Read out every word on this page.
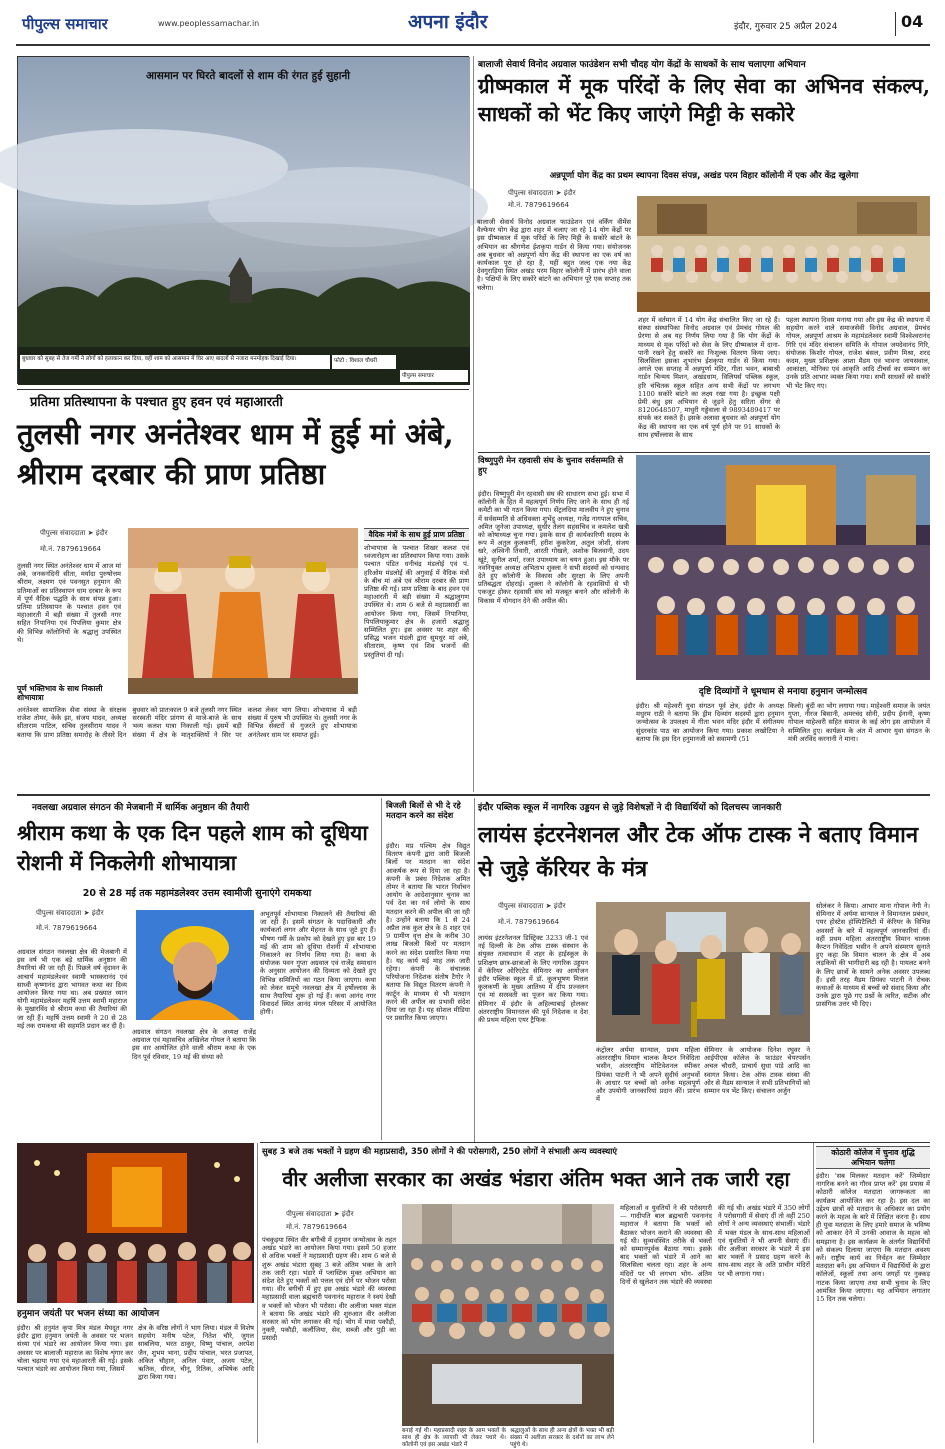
पीपुल्स समाचार	www.peoplessamachar.in	अपना इंदौर	इंदौर, गुरुवार 25 अप्रैल 2024	04
आसमान पर घिरते बादलों से शाम की रंगत हुई सुहानी
बुधवार को सुबह से तेज गर्मी ने लोगों को हलाकान कर दिया, वहीं शाम को आसमान में घिर आए बादलों से नजारा मनमोहक दिखाई दिया।	फोटो : विशाल चौधरी
पीपुल्स समाचार
बालाजी सेवार्थ विनोद अग्रवाल फाउंडेशन सभी चौदह योग केंद्रों के साधकों के साथ चलाएगा अभियान
ग्रीष्मकाल में मूक परिंदों के लिए सेवा का अभिनव संकल्प, साधकों को भेंट किए जाएंगे मिट्टी के सकोरे
अन्नपूर्णा योग केंद्र का प्रथम स्थापना दिवस संपन्न, अखंड परम विहार कॉलोनी में एक और केंद्र खुलेगा
पीपुल्स संवाददाता ➤ इंदौर
मो.नं. 7879619664
बालाजी सेवार्थ विनोद अग्रवाल फाउंडेशन एवं वर्किंग वीमेंस वैल्फेयर योग केंद्र द्वारा शहर में चलाए जा रहे 14 योग केंद्रों पर इस ग्रीष्मकाल में मूक परिंदों के लिए मिट्टी के सकोरे बांटने के अभियान का श्रीगणेश ईशकृपा गार्डन से किया गया। संयोजनक अब बुधवार को अन्नपूर्णा योग केंद्र की स्थापना का एक वर्ष का कार्यकाल पूरा हो रहा है, यहीं बहुत जल्द एक नया केंद्र देवगुराड़िया स्थित अखंड परम विहार कॉलोनी में प्रारंभ होने वाला है। पक्षियों के लिए सकोरे बांटने का अभियान पूरे एक सप्ताह तक चलेगा।
शहर में वर्तमान में 14 योग केंद्र संचालित किए जा रहे हैं। संस्था संस्थापिका विनोद अग्रवाल एवं प्रेमचंद गोयल की प्रेरणा से अब यह निर्णय लिया गया है कि योग केंद्रों के माध्यम से मूक परिंदों को सेवा के लिए ग्रीष्मकाल में दाना-पानी रखने हेतु सकोरे का निःशुल्क वितरण किया जाए। सिलसिला इसका शुभारंभ ईशकृपा गार्डन से किया गया। अगले एक सप्ताह में अन्नपूर्णा मंदिर, गीता भवन, बाबाश्री गार्डन चिन्मय मिशन, अखंडधाम, विलियर्स पब्लिक स्कूल, हरि चंचितक स्कूल सहित अन्य सभी केंद्रों पर लगभग 1100 सकोरे बांटने का लक्ष्य रखा गया है। इच्छुक पक्षी प्रेमी बंधु इस अभियान से जुड़ने हेतु सरिता सेंगर से 8120648507, माधुरी गड्डेवाला से 9893489417 पर संपर्क कर सकते हैं। इसके अलावा बुधवार को अन्नपूर्णा योग केंद्र की स्थापना का एक वर्ष पूर्ण होने पर 91 साधकों के साथ हर्षोल्लास के साथ
पहला स्थापना दिवस मनाया गया और इस केंद्र की स्थापना में सहयोग करने वाले समाजसेवी विनोद अग्रवाल, प्रेमचंद गोयल, अन्नपूर्णा आश्रम के महामंडलेश्वर स्वामी विश्वेश्वरानंद गिरि एवं मंदिर संचालन समिति के गोपाल जयदेवानंद गिरि, संयोजक किशोर गोयल, राजेश बंसल, प्रवीण मिश्रा, शरद कदम, मुख्य प्रशिक्षक आशा मैडम एवं भावना जायसवाल, आकांक्षा, मोनिका एवं आकृति आदि टीचर्स का सम्मान कर उनके प्रति आभार व्यक्त किया गया। सभी साधकों को सकोरे भी भेंट किए गए।
प्रतिमा प्रतिस्थापना के पश्चात हुए हवन एवं महाआरती
तुलसी नगर अनंतेश्वर धाम में हुई मां अंबे, श्रीराम दरबार की प्राण प्रतिष्ठा
पीपुल्स संवाददाता ➤ इंदौर
मो.नं. 7879619664
तुलसी नगर स्थित अनंतेश्वर धाम में आज मां अंबे, जनकनंदिनी सीता, मर्यादा पुरुषोत्तम श्रीराम, लक्ष्मण एवं पवनसुत हनुमान की प्रतिमाओं का प्रतिस्थापन धाम दरबार के रूप में पूर्ण वैदिक पद्धति के साथ संपन्न हुआ। प्रतिमा प्रतिस्थापन के पश्चात हवन एवं महाआरती में बड़ी संख्या में तुलसी नगर सहित निपानिया एवं पिपलिया कुमार क्षेत्र की विभिन्न कॉलोनियों के श्रद्धालु उपस्थित थे।
पूर्ण भक्तिभाव के साथ निकाली शोभायात्रा
अनंतेश्वर सामाजिक सेवा संस्था के संरक्षक राजेश तोमर, केके झा, संजय यादव, अध्यक्ष सीताराम पाटिल, सचिव तुलसीराम यादव ने बताया कि प्राण प्रतिष्ठा समारोह के तीसरे दिन बुधवार को प्रातःकाल 9 बजे तुलसी नगर स्थित सरस्वती मंदिर प्रांगण से माजे-बाजे के साथ भव्य कलश यात्रा निकाली गई। इसमें बड़ी संख्या में क्षेत्र के मातृशक्तियों ने सिर पर कलश लेकर भाग लिया। शोभायात्रा में बड़ी संख्या में पुरुष भी उपस्थित थे। तुलसी नगर के विभिन्न सेक्टरों से गुजरते हुए शोभायात्रा अनंतेश्वर धाम पर समाप्त हुई।
वैदिक मंत्रों के साथ हुई प्राण प्रतिष्ठा
शोभायात्रा के पश्चात शिखर कलश एवं ध्वजारोहण का प्रतिस्थापन किया गया। उसके पश्चात पंडित धनीचंद्र मंडलोई एवं पं. हरिओम मंडलोई की अगुवाई में वैदिक मंत्रों के बीच मां अंबे एवं श्रीराम दरबार की प्राण प्रतिष्ठा की गई। प्राण प्रतिष्ठा के बाद हवन एवं महाआरती में बड़ी संख्या में श्रद्धालुगण उपस्थित थे। शाम 6 बजे से महाप्रसादी का आयोजन किया गया, जिसमें निपानिया, पिपलियाकुमार क्षेत्र के हजारों श्रद्धालु सम्मिलित हुए। इस अवसर पर शहर की प्रसिद्ध भजन मंडली द्वारा सुमधुर मां अंबे, सीताराम, कृष्ण एवं शिव भजनों की प्रस्तुतियां दी गईं।
विष्णुपुरी मेन रहवासी संघ के चुनाव सर्वसम्मति से हुए
इंदौर। विष्णुपुरी मेन रहवासी संघ की साधारण सभा हुई। सभा में कॉलोनी के हित में महत्वपूर्ण निर्णय लिए जाने के साथ ही नई कमेटी का भी गठन किया गया। सेंट्रलदिया मालवीय ने हुए चुनाव में सर्वसम्मति से अधिवक्ता शुभेंदु अध्यक्ष, गजेंद्र नागपाल सचिव, अमित जुनेजा उपाध्यक्ष, सुधीर तेलंग सहसचिव व कमलेश खत्री को कोषाध्यक्ष चुना गया। इसके साथ ही कार्यकारिणी सदस्य के रूप में अतुल कुलकर्णी, हरीश कुकरेजा, अतुल जोशी, संजय खरे, अश्विनी तिवारी, आरती गोखले, अशोक बिजवानी, उदय खूंटे, सुनील शर्मा, रजत उपाध्याय का चयन हुआ। इस मौके पर नवनियुक्त अध्यक्ष अभिताभ शुक्ला ने सभी सदस्यों को धन्यवाद देते हुए कॉलोनी के विकास और सुरक्षा के लिए अपनी प्रतिबद्धता दोहराई। शुक्ला ने कॉलोनी के रहवासियों से भी एकजुट होकर रहवासी संघ को मजबूत बनाने और कॉलोनी के विकास में योगदान देने की अपील की।
दृष्टि दिव्यांगों ने धूमधाम से मनाया हनुमान जन्मोत्सव
इंदौर। श्री महेश्वरी युवा संगठन पूर्व क्षेत्र, इंदौर के अध्यक्ष मधुरम राठी ने बताया कि ड्रीम दिव्यांग सदस्यों द्वारा हनुमान जन्मोत्सव के उपलक्ष्य में गीता भवन मंदिर इंदौर में संगीतमय सुंदरकांड पाठ का आयोजन किया गया। प्रकाश लखोटिया ने बताया कि इस दिन हनुमानजी को सवामणी (51
किलो) बुंदी का भोग लगाया गया। माहेश्वरी समाज के जयंत गुप्ता, नीरज बिसानी, अमरचंद सोनी, प्रदीप ईनानी, कृष्ण गोपाल माहेश्वरी सहित समाज के कई लोग इस आयोजन में सम्मिलित हुए। कार्यक्रम के अंत में आभार युवा संगठन के मंत्री अरविंद करनानी ने माना।
नवलखा अग्रवाल संगठन की मेजबानी में धार्मिक अनुष्ठान की तैयारी
श्रीराम कथा के एक दिन पहले शाम को दूधिया रोशनी में निकलेगी शोभायात्रा
20 से 28 मई तक महामंडलेश्वर उत्तम स्वामीजी सुनाएंगे रामकथा
पीपुल्स संवाददाता ➤ इंदौर
मो.नं. 7879619664
अग्रवाल संगठन नवलखा क्षेत्र की मेजबानी में इस वर्ष भी एक बड़े धार्मिक अनुष्ठान की तैयारियां की जा रही हैं। पिछले वर्ष वृंदावन के आचार्य महामंडलेश्वर स्वामी भास्करानंद एवं साध्वी कृष्णानंद द्वारा भागवत कथा का दिव्य आयोजन किया गया था। अब प्रख्यात ध्यान योगी महामंडलेश्वर महर्षि उत्तम स्वामी महाराज के मुखारविंद से श्रीराम कथा की तैयारियां की जा रही हैं। महर्षि उत्तम स्वामी ने 20 से 28 मई तक रामकथा की सहमति प्रदान कर दी है।
अग्रवाल संगठन नवलखा क्षेत्र के अध्यक्ष राजेंद्र अग्रवाल एवं महासचिव अखिलेश गोयल ने बताया कि इस वार आयोजित होने वाली श्रीराम कथा के एक दिन पूर्व रविवार, 19 मई की संध्या को
अभूतपूर्व शोभायात्रा निकालने की तैयारियां की जा रही हैं। इसमें संगठन के पदाधिकारी और कार्यकर्ता लगन और मेहनत के साथ जुटे हुए हैं। भीषण गर्मी के प्रकोप को देखते हुए इस बार 19 मई की शाम को दूधिया रोशनी में शोभायात्रा निकालने का निर्णय लिया गया है। कथा के संयोजक पवन गुप्ता अग्रवाल एवं राजेंद्र समाधान के अनुसार आयोजन की दिव्यता को देखते हुए विभिन्न समितियों का गठन किया जाएगा। कथा को लेकर समूचे नवलखा क्षेत्र में हर्षोल्लास के साथ तैयारियां शुरू हो गई हैं। कथा आनंद नगर विवादर्श स्थित आनंद मंगल परिसर में आयोजित होगी।
बिजली बिलों से भी दे रहे मतदान करने का संदेश
इंदौर। मप्र पश्चिम क्षेत्र विद्युत वितरण कंपनी द्वारा जारी बिजली बिलों पर मतदान का संदेश आकर्षक रूप से दिया जा रहा है। कंपनी के प्रबंध निदेशक अमित तोमर ने बताया कि भारत निर्वाचन आयोग के आदेशानुसार चुनाव का पर्व देश का गर्व लोगो के साथ मतदान करने की अपील की जा रही है। उन्होंने बताया कि 1 से 24 अप्रैल तक कुल क्षेत्र के 8 शहर एवं 9 ग्रामीण वृत्त क्षेत्र के करीब 30 लाख बिजली बिलों पर मतदान करने का संदेश प्रसारित किया गया है। यह कार्य मई माह तक जारी रहेगा। कंपनी के संचालक परियोजना निदेशक संतोष टैगोर ने बताया कि विद्युत वितरण कंपनी ने कार्टून के माध्यम से भी मतदान करने की अपील का प्रभावी संदेश दिया जा रहा है। यह सोशल मीडिया पर प्रसारित किया जाएगा।
इंदौर पब्लिक स्कूल में नागरिक उड्डयन से जुड़े विशेषज्ञों ने दी विद्यार्थियों को दिलचस्प जानकारी
लायंस इंटरनेशनल और टेक ऑफ टास्क ने बताए विमान से जुड़े कॅरियर के मंत्र
पीपुल्स संवाददाता ➤ इंदौर
मो.नं. 7879619664
लायंस इंटरनेशनल डिस्ट्रिक्ट 3233 जी-1 एवं नई दिल्ली के टेक ऑफ टास्क संस्थान के संयुक्त तत्वावधान में शहर के हाईस्कूल के प्रशिक्षण छात्र-छात्राओं के लिए नागरिक उड्डयन में कॅरियर ओरिएंटेड सेमिनार का आयोजन इंदौर पब्लिक स्कूल में डॉ. कुलभूषण मित्तल कुलकर्णी के मुख्य आतिथ्य में दीप प्रज्वलन एवं मां सरस्वती का पूजन कर किया गया। सेमिनार में इंदौर के अहिल्याबाई होलकर अंतरराष्ट्रीय विमानतल की पूर्व निदेशक व देश की प्रथम महिला एयर ट्रैफिक
कंट्रोलर अर्यमा सान्याल, प्रथम महिला अंतरराष्ट्रीय विमान चालक कैप्टन निवेदिता भसीन, अंतरराष्ट्रीय मोटिवेशनल स्पीकर प्रियंका पाटनी ने भी अपने सुदीर्घ अनुभवों के आधार पर बच्चों को अनेक महत्वपूर्ण और उपयोगी जानकारियां प्रदान कीं। प्रारंभ में
सेमिनार के आयोजक दिनेश रघुवर ने आईपीएस कॉलेज के फाउंडर चेयरपर्सन अचल चौधरी, प्राचार्य सुधा पांडे आदि का स्वागत किया। टेक ऑफ टास्क संस्था की ओर से मैडम सान्याल ने सभी प्रतिभागियों को सम्मान पत्र भेंट किए। संचालन अर्जुन
सोलंकर ने किया। आभार माना गोपाल नेगी ने। सेमिनार में अर्यमा सान्याल ने विमानतल प्रबंधन, एयर होस्टेस हॉस्पिटैलिटी में कॅरियर के विभिन्न अवसरों के बारे में महत्वपूर्ण जानकारियां दीं। वहीं प्रथम महिला अंतरराष्ट्रीय विमान चालक कैप्टन निवेदिता भसीन ने अपने संस्मरण सुनाते हुए कहा कि विमान चालन के क्षेत्र में अब लड़कियों की भागीदारी बढ़ रही है। पायलट बनने के लिए छात्रों के सामने अनेक अवसर उपलब्ध हैं। इसी तरह मैडम प्रियंका पाटनी ने रोचक कथाओं के माध्यम से बच्चों को संवाद किया और उनके द्वारा पूछे गए प्रश्नों के त्वरित, सटीक और प्रासंगिक उत्तर भी दिए।
हनुमान जयंती पर भजन संध्या का आयोजन
इंदौर। श्री हनुमंत कृपा मित्र मंडल मेघदूत नगर इंदौर द्वारा हनुमान जयंती के अवसर पर भजन संध्या एवं भंडारे का आयोजन किया गया। इस अवसर पर बालाजी महाराज का विशेष शृंगार कर चोला चढ़ाया गया एवं महाआरती की गई। इसके पश्चात भंडारे का आयोजन किया गया, जिसमें
क्षेत्र के वरिष्ठ लोगों ने भाग लिया। मंडल में विशेष सहयोग मनीष पटेल, नितेश चौरे, जुगल साबलिया, भरत ठाकुर, विष्णु पांचाल, अरपेश जैन, शुभम भाना, प्रदीप पांचाल, भरत प्रजापत, अंकित चौहान, अनिल पंवार, अजय पटेल, ऋतिक, धीरज, चीनू, रितिक, अभिषेक आदि द्वारा किया गया।
सुबह 3 बजे तक भक्तों ने ग्रहण की महाप्रसादी, 350 लोगों ने की परोसगारी, 250 लोगों ने संभाली अन्य व्यवस्थाएं
वीर अलीजा सरकार का अखंड भंडारा अंतिम भक्त आने तक जारी रहा
पीपुल्स संवाददाता ➤ इंदौर
मो.नं. 7879619664
पंचकुइया स्थित वीर बगीची में हनुमान जन्मोत्सव के तहत अखंड भंडारे का आयोजन किया गया। इसमें 50 हजार से अधिक भक्तों ने महाप्रसादी ग्रहण की। शाम 6 बजे से शुरू अखंड भंडारा सुबह 3 बजे अंतिम भक्त के आने तक जारी रहा। भंडारे में प्लास्टिक मुक्त अभियान का संदेश देते हुए भक्तों को पत्तल एवं दोने पर भोजन परोसा गया। वीर बगीची में हुए इस अखंड भंडारे की व्यवस्था महाप्रसादी वाला ब्रह्मचारी पवनानंद महाराज ने स्वयं देखी व भक्तों को भोजन भी परोसा। वीर अलीजा भक्त मंडल ने बताया कि अखंड भंडारे की शुरुआत वीर अलीजा सरकार को भोग लगाकर की गई। भोग में मावा पकौड़ी, नुक्ती, पकौड़ी, कलौंजिया, सेव, सब्जी और पुड़ी का प्रसादी
बनाई गई थी। महाप्रसादी शहर के आम भक्तों के साथ ही क्षेत्र के व्यापारी भी लेकर पधारे थे। कॉलोनी एवं इस अखंड भंडारे में
श्रद्धालुओं के साथ ही अन्य क्षेत्रों के भक्त भी बड़ी संख्या में अलीजा सरकार के दर्शनों का लाभ लेने पहुंचे थे।
महिलाओं व युवतियों ने की परोसगारी — गादीपति बाल ब्रह्मचारी पवनानंद महाराज ने बताया कि भक्तों को बैठाकर भोजन कराने की व्यवस्था की गई थी। सुव्यवस्थित तरीके से भक्तों को सम्मानपूर्वक बैठाया गया। इसके बाद भक्तों को भंडारे में आने का सिलसिला चलता रहा। शहर के अन्य मंदिरों पर भी लगभग भोग- अंतिम दिनों से खुलेशन तक भंडारे की व्यवस्था की गई थी। अखंड भंडारे में 350 लोगों ने परोसगारी में सेवाएं दीं तो वहीं 250 लोगों ने अन्य व्यवस्थाएं संभालीं। भंडारे में भक्त मंडल के साथ-साथ महिलाओं एवं युवतियों ने भी अपनी सेवाएं दीं। वीर अलीजा सरकार के भंडारे में इस बार भक्तों ने प्रसाद ग्रहण करने के साथ-साथ शहर के अति प्राचीन मंदिरों पर भी लगाना गया।
कोठारी कॉलेज में चुनाव शुद्धि अभियान चलेगा
इंदौर। 'सब मिलकर मतदान करें' जिम्मेदार नागरिक बनने का गौरव प्राप्त करें' इस प्रयास में कोठारी कॉलेज मतदाता जागरूकता का कार्यक्रम आयोजित कर रहा है। इस दल का उद्देश्य छात्रों को मतदान के अधिकार का प्रयोग करने के महत्व के बारे में शिक्षित करना है। साथ ही युवा मतदाता के लिए हमारे समाज के भविष्य को आकार देने में उनकी आवाज के महत्व को समझाना है। इस कार्यक्रम के अंतर्गत विद्यार्थियों को संकल्प दिलाया जाएगा कि मतदान अवश्य करें। राष्ट्रीय कार्य का निर्वहन कर जिम्मेदार मतदाता बनें। इस अभियान में विद्यार्थियों के द्वारा कॉलेजों, स्कूलों तथा अन्य जगहों पर नुक्कड़ नाटक किया जाएगा तथा सभी चुनाव के लिए आमंत्रित किया जाएगा। यह अभियान लगातार 15 दिन तक चलेगा।
